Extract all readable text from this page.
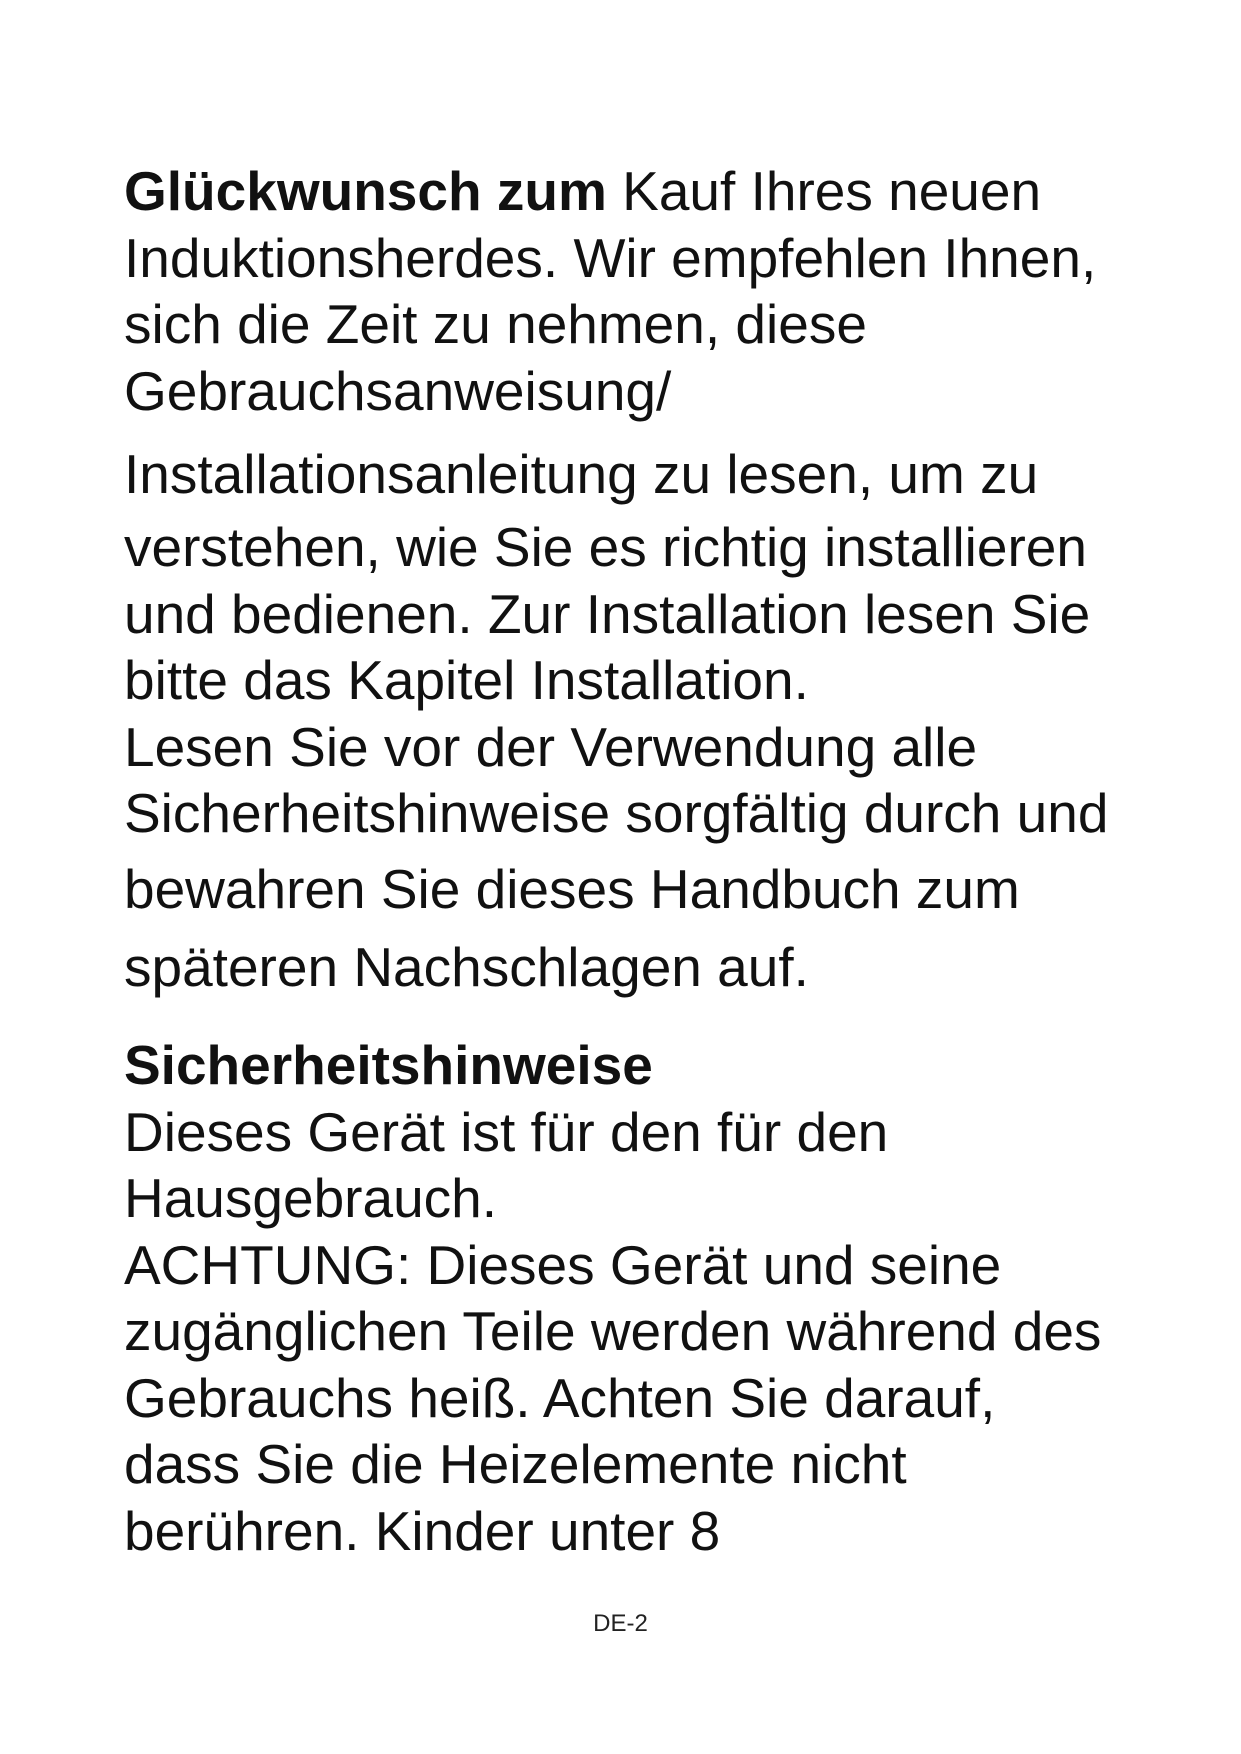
Glückwunsch zum Kauf Ihres neuen
Induktionsherdes. Wir empfehlen Ihnen,
sich die Zeit zu nehmen, diese
Gebrauchsanweisung/
Installationsanleitung zu lesen, um zu
verstehen, wie Sie es richtig installieren
und bedienen. Zur Installation lesen Sie
bitte das Kapitel Installation.
Lesen Sie vor der Verwendung alle
Sicherheitshinweise sorgfältig durch und
bewahren Sie dieses Handbuch zum
späteren Nachschlagen auf.
Sicherheitshinweise
Dieses Gerät ist für den für den
Hausgebrauch.
ACHTUNG: Dieses Gerät und seine
zugänglichen Teile werden während des
Gebrauchs heiß. Achten Sie darauf,
dass Sie die Heizelemente nicht
berühren. Kinder unter 8
DE-2
